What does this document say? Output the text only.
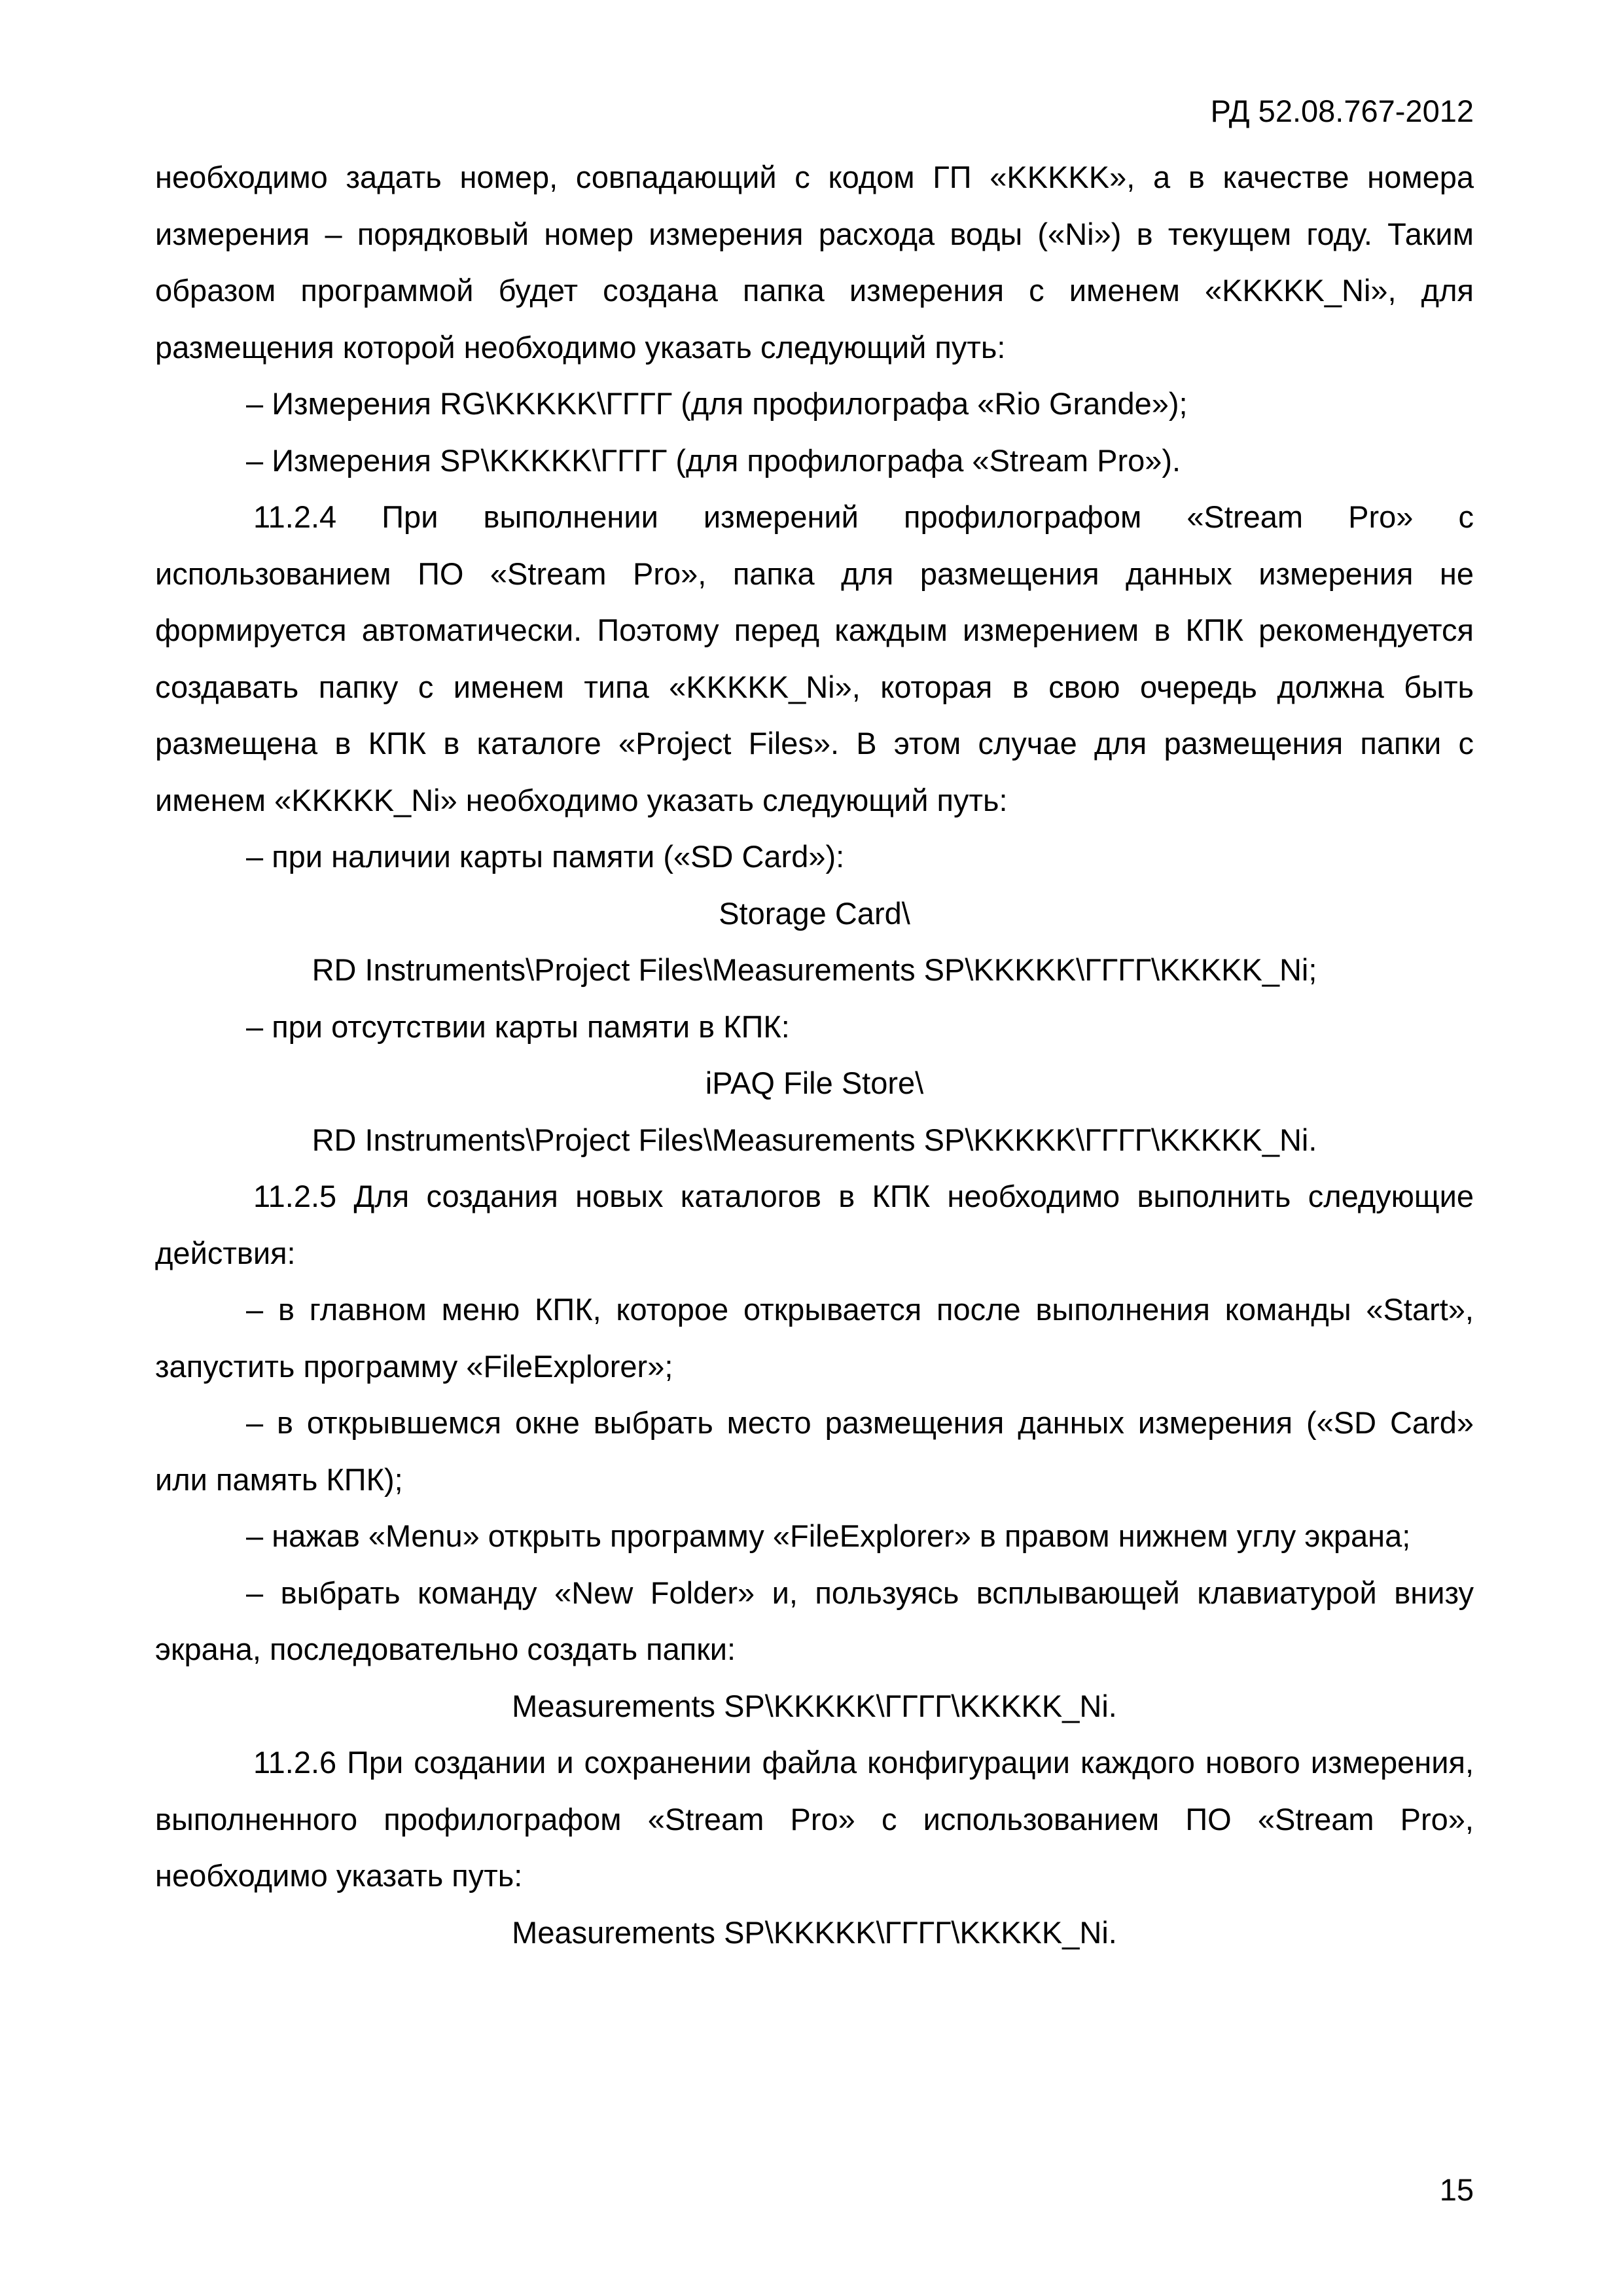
РД 52.08.767-2012

необходимо задать номер, совпадающий с кодом ГП «KKKKK», а в качестве номера измерения – порядковый номер измерения расхода воды («Ni») в текущем году. Таким образом программой будет создана папка измерения с именем «KKKKK_Ni», для размещения которой необходимо указать следующий путь:

– Измерения RG\KKKKK\ГГГГ (для профилографа «Rio Grande»);

– Измерения SP\KKKKK\ГГГГ (для профилографа «Stream Pro»).

11.2.4 При выполнении измерений профилографом «Stream Pro» с

использованием ПО «Stream Pro», папка для размещения данных измерения не формируется автоматически. Поэтому перед каждым измерением в КПК рекомендуется создавать папку с именем типа «KKKKK_Ni», которая в свою очередь должна быть размещена в КПК в каталоге «Project Files». В этом случае для размещения папки с именем «KKKKK_Ni» необходимо указать следующий путь:

– при наличии карты памяти («SD Card»):

Storage Card\

RD Instruments\Project Files\Measurements SP\KKKKK\ГГГГ\KKKKK_Ni;

– при отсутствии карты памяти в КПК:

iPAQ File Store\

RD Instruments\Project Files\Measurements SP\KKKKK\ГГГГ\KKKKK_Ni.

11.2.5 Для создания новых каталогов в КПК необходимо выполнить следующие действия:

– в главном меню КПК, которое открывается после выполнения команды «Start», запустить программу «FileExplorer»;

– в открывшемся окне выбрать место размещения данных измерения («SD Card» или память КПК);

– нажав «Menu» открыть программу «FileExplorer» в правом нижнем углу экрана;

– выбрать команду «New Folder» и, пользуясь всплывающей клавиатурой внизу экрана, последовательно создать папки:

Measurements SP\KKKKK\ГГГГ\KKKKK_Ni.

11.2.6 При создании и сохранении файла конфигурации каждого нового измерения, выполненного профилографом «Stream Pro» с использованием ПО «Stream Pro», необходимо указать путь:

Measurements SP\KKKKK\ГГГГ\KKKKK_Ni.

15
